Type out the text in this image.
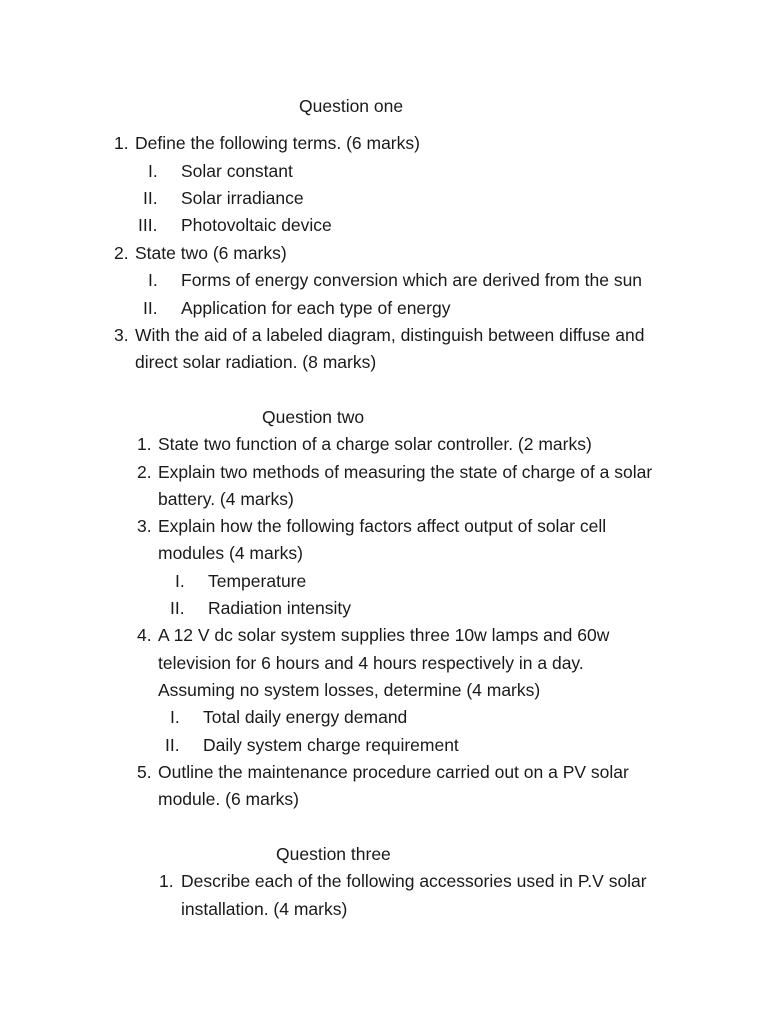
Question one
1. Define the following terms. (6 marks)
I. Solar constant
II. Solar irradiance
III. Photovoltaic device
2. State two (6 marks)
I. Forms of energy conversion which are derived from the sun
II. Application for each type of energy
3. With the aid of a labeled diagram, distinguish between diffuse and
direct solar radiation. (8 marks)
Question two
1. State two function of a charge solar controller. (2 marks)
2. Explain two methods of measuring the state of charge of a solar
battery. (4 marks)
3. Explain how the following factors affect output of solar cell
modules (4 marks)
I. Temperature
II. Radiation intensity
4. A 12 V dc solar system supplies three 10w lamps and 60w
television for 6 hours and 4 hours respectively in a day.
Assuming no system losses, determine (4 marks)
I. Total daily energy demand
II. Daily system charge requirement
5. Outline the maintenance procedure carried out on a PV solar
module. (6 marks)
Question three
1. Describe each of the following accessories used in P.V solar
installation. (4 marks)
